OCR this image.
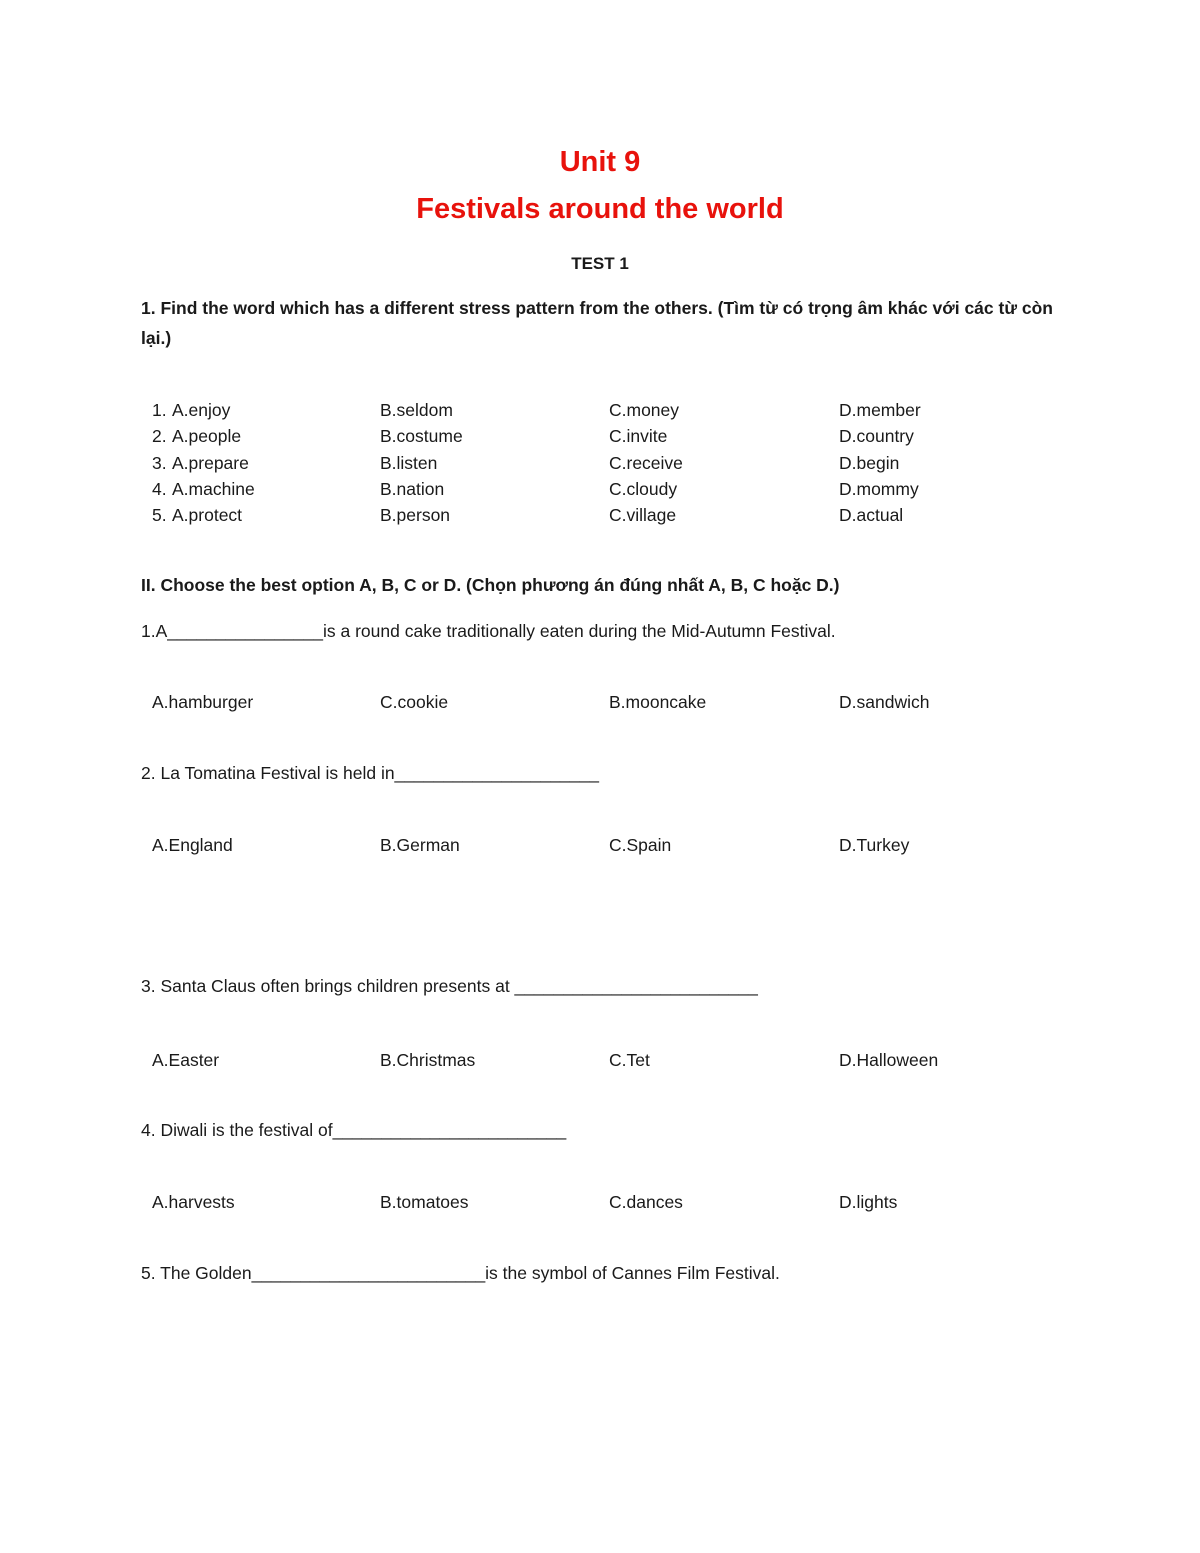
Unit 9
Festivals around the world
TEST 1
1. Find the word which has a different stress pattern from the others. (Tìm từ có trọng âm khác với các từ còn lại.)
1. A.enjoy	B.seldom	C.money	D.member
2. A.people	B.costume	C.invite	D.country
3. A.prepare	B.listen	C.receive	D.begin
4. A.machine	B.nation	C.cloudy	D.mommy
5. A.protect	B.person	C.village	D.actual
II. Choose the best option A, B, C or D. (Chọn phương án đúng nhất A, B, C hoặc D.)
1.A________________is a round cake traditionally eaten during the Mid-Autumn Festival.
A.hamburger	C.cookie	B.mooncake	D.sandwich
2. La Tomatina Festival is held in_____________________
A.England	B.German	C.Spain	D.Turkey
3. Santa Claus often brings children presents at _________________________
A.Easter	B.Christmas	C.Tet	D.Halloween
4. Diwali is the festival of________________________
A.harvests	B.tomatoes	C.dances	D.lights
5. The Golden________________________is the symbol of Cannes Film Festival.
